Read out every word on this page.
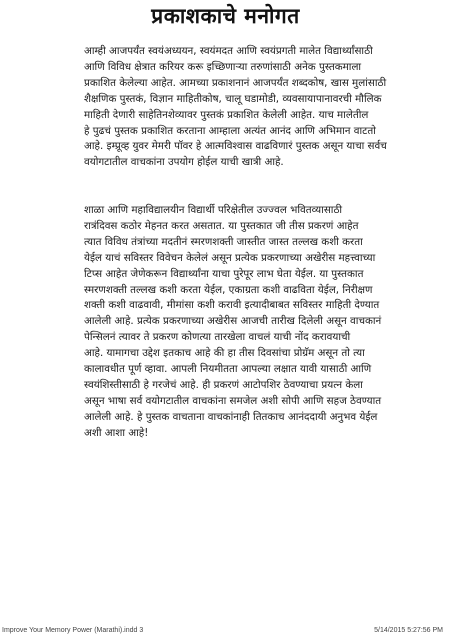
प्रकाशकाचे मनोगत
आम्ही आजपर्यंत स्वयंअध्ययन, स्वयंमदत आणि स्वयंप्रगती मालेत विद्यार्थ्यांसाठी
आणि विविध क्षेत्रात करियर करू इच्छिणाऱ्या तरुणांसाठी अनेक पुस्तकमाला
प्रकाशित केलेल्या आहेत. आमच्या प्रकाशनानं आजपर्यंत शब्दकोष, खास मुलांसाठी
शैक्षणिक पुस्तकं, विज्ञान माहितीकोष, चालू घडामोडी, व्यवसायापानावरची मौलिक
माहिती देणारी साहेतिनशेव्यावर पुस्तकं प्रकाशित केलेली आहेत. याच मालेतील
हे पुढचं पुस्तक प्रकाशित करताना आम्हाला अत्यंत आनंद आणि अभिमान वाटतो
आहे. इम्प्रूव्ह युवर मेमरी पॉवर हे आत्मविश्वास वाढविणारं पुस्तक असून याचा सर्वच
वयोगटातील वाचकांना उपयोग होईल याची खात्री आहे.
शाळा आणि महाविद्यालयीन विद्यार्थी परिक्षेतील उज्ज्वल भवितव्यासाठी
रात्रंदिवस कठोर मेहनत करत असतात. या पुस्तकात जी तीस प्रकरणं आहेत
त्यात विविध तंत्रांच्या मदतीनं स्मरणशक्ती जास्तीत जास्त तल्लख कशी करता
येईल याचं सविस्तर विवेचन केलेलं असून प्रत्येक प्रकरणाच्या अखेरीस महत्त्वाच्या
टिप्स आहेत जेणेकरून विद्यार्थ्यांना याचा पुरेपूर लाभ घेता येईल. या पुस्तकात
स्मरणशक्ती तल्लख कशी करता येईल, एकाग्रता कशी वाढविता येईल, निरीक्षण
शक्ती कशी वाढवावी, मीमांसा कशी करावी इत्यादीबाबत सविस्तर माहिती देण्यात
आलेली आहे. प्रत्येक प्रकरणाच्या अखेरीस आजची तारीख दिलेली असून वाचकानं
पेन्सिलनं त्यावर ते प्रकरण कोणत्या तारखेला वाचलं याची नोंद करावयाची
आहे. यामागचा उद्देश इतकाच आहे की हा तीस दिवसांचा प्रोग्रॅम असून तो त्या
कालावधीत पूर्ण व्हावा. आपली नियमीतता आपल्या लक्षात यावी यासाठी आणि
स्वयंशिस्तीसाठी हे गरजेचं आहे. ही प्रकरणं आटोपशिर ठेवण्याचा प्रयत्न केला
असून भाषा सर्व वयोगटातील वाचकांना समजेल अशी सोपी आणि सहज ठेवण्यात
आलेली आहे. हे पुस्तक वाचताना वाचकांनाही तितकाच आनंददायी अनुभव येईल
अशी आशा आहे!
Improve Your Memory Power (Marathi).indd 3	5/14/2015 5:27:56 PM
